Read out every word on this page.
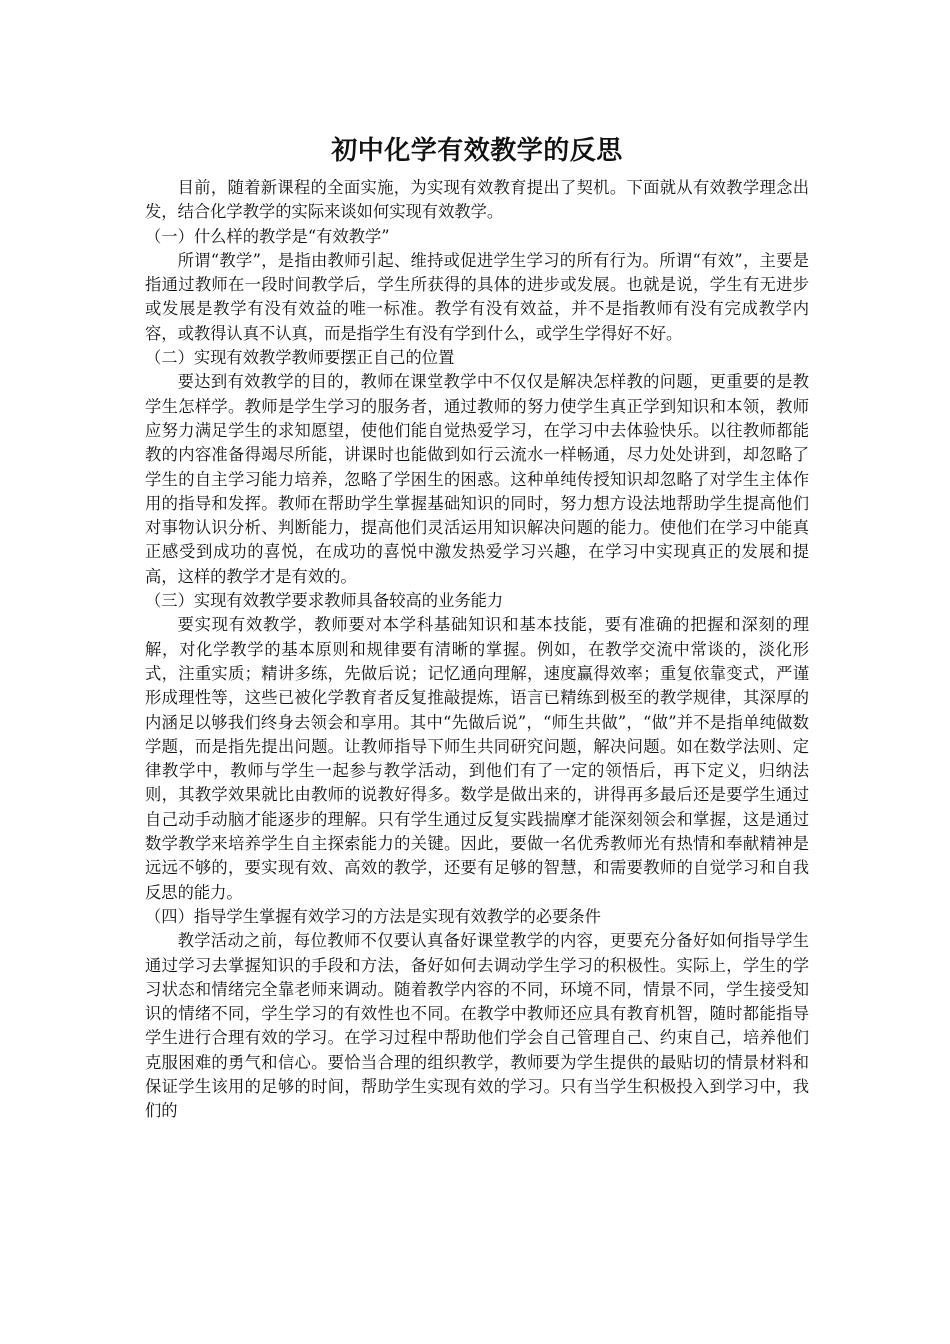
初中化学有效教学的反思

目前，随着新课程的全面实施，为实现有效教育提出了契机。下面就从有效教学理念出发，结合化学教学的实际来谈如何实现有效教学。

（一）什么样的教学是“有效教学”

所谓“教学”，是指由教师引起、维持或促进学生学习的所有行为。所谓“有效”，主要是指通过教师在一段时间教学后，学生所获得的具体的进步或发展。也就是说，学生有无进步或发展是教学有没有效益的唯一标准。教学有没有效益，并不是指教师有没有完成教学内容，或教得认真不认真，而是指学生有没有学到什么，或学生学得好不好。

（二）实现有效教学教师要摆正自己的位置

要达到有效教学的目的，教师在课堂教学中不仅仅是解决怎样教的问题，更重要的是教学生怎样学。教师是学生学习的服务者，通过教师的努力使学生真正学到知识和本领，教师应努力满足学生的求知愿望，使他们能自觉热爱学习，在学习中去体验快乐。以往教师都能教的内容准备得竭尽所能，讲课时也能做到如行云流水一样畅通，尽力处处讲到，却忽略了学生的自主学习能力培养，忽略了学困生的困惑。这种单纯传授知识却忽略了对学生主体作用的指导和发挥。教师在帮助学生掌握基础知识的同时，努力想方设法地帮助学生提高他们对事物认识分析、判断能力，提高他们灵活运用知识解决问题的能力。使他们在学习中能真正感受到成功的喜悦，在成功的喜悦中激发热爱学习兴趣，在学习中实现真正的发展和提高，这样的教学才是有效的。

（三）实现有效教学要求教师具备较高的业务能力

要实现有效教学，教师要对本学科基础知识和基本技能，要有准确的把握和深刻的理解，对化学教学的基本原则和规律要有清晰的掌握。例如，在教学交流中常谈的，淡化形式，注重实质；精讲多练，先做后说；记忆通向理解，速度赢得效率；重复依靠变式，严谨形成理性等，这些已被化学教育者反复推敲提炼，语言已精练到极至的教学规律，其深厚的内涵足以够我们终身去领会和享用。其中“先做后说”，“师生共做”，“做”并不是指单纯做数学题，而是指先提出问题。让教师指导下师生共同研究问题，解决问题。如在数学法则、定律教学中，教师与学生一起参与教学活动，到他们有了一定的领悟后，再下定义，归纳法则，其教学效果就比由教师的说教好得多。数学是做出来的，讲得再多最后还是要学生通过自己动手动脑才能逐步的理解。只有学生通过反复实践揣摩才能深刻领会和掌握，这是通过数学教学来培养学生自主探索能力的关键。因此，要做一名优秀教师光有热情和奉献精神是远远不够的，要实现有效、高效的教学，还要有足够的智慧，和需要教师的自觉学习和自我反思的能力。

（四）指导学生掌握有效学习的方法是实现有效教学的必要条件

教学活动之前，每位教师不仅要认真备好课堂教学的内容，更要充分备好如何指导学生通过学习去掌握知识的手段和方法，备好如何去调动学生学习的积极性。实际上，学生的学习状态和情绪完全靠老师来调动。随着教学内容的不同，环境不同，情景不同，学生接受知识的情绪不同，学生学习的有效性也不同。在教学中教师还应具有教育机智，随时都能指导学生进行合理有效的学习。在学习过程中帮助他们学会自己管理自己、约束自己，培养他们克服困难的勇气和信心。要恰当合理的组织教学，教师要为学生提供的最贴切的情景材料和保证学生该用的足够的时间，帮助学生实现有效的学习。只有当学生积极投入到学习中，我们的
